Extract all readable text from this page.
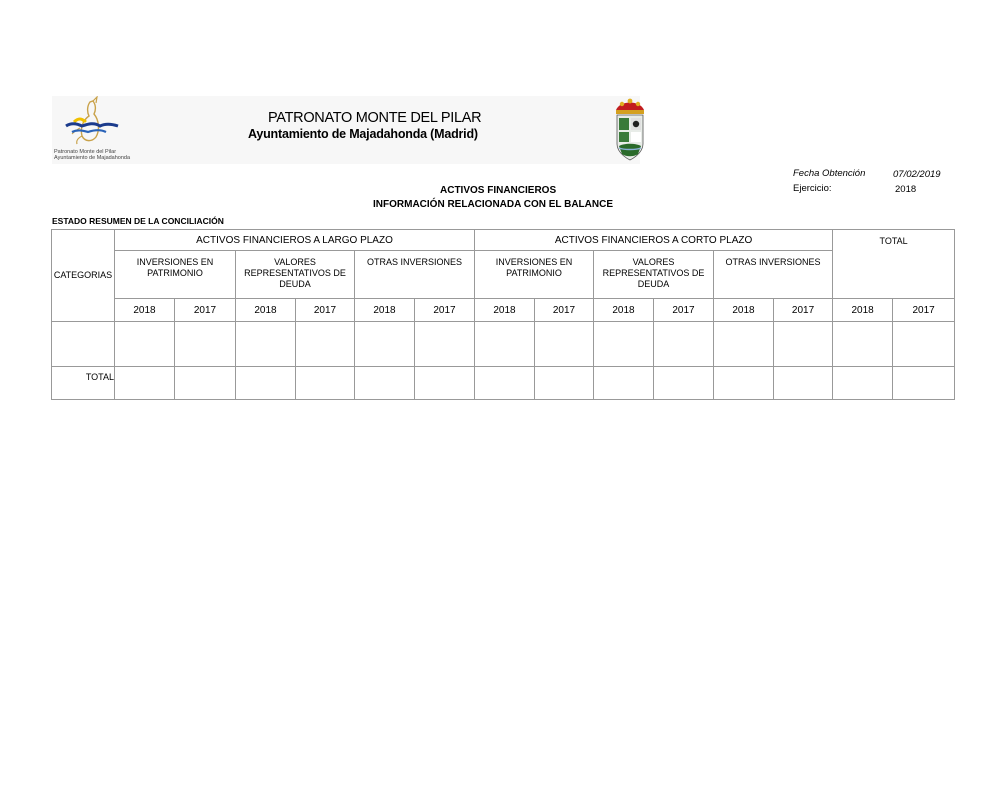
Patronato Monte del Pilar
Ayuntamiento de Majadahonda
PATRONATO MONTE DEL PILAR
Ayuntamiento de Majadahonda (Madrid)
Fecha Obtención	07/02/2019
Ejercicio:	2018
ACTIVOS FINANCIEROS
INFORMACIÓN RELACIONADA CON EL BALANCE
ESTADO RESUMEN DE LA CONCILIACIÓN
CATEGORIAS	ACTIVOS FINANCIEROS A LARGO PLAZO						ACTIVOS FINANCIEROS A CORTO PLAZO						TOTAL	
	INVERSIONES EN PATRIMONIO		VALORES REPRESENTATIVOS DE DEUDA		OTRAS INVERSIONES		INVERSIONES EN PATRIMONIO		VALORES REPRESENTATIVOS DE DEUDA		OTRAS INVERSIONES			
	2018	2017	2018	2017	2018	2017	2018	2017	2018	2017	2018	2017	2018	2017

TOTAL														
